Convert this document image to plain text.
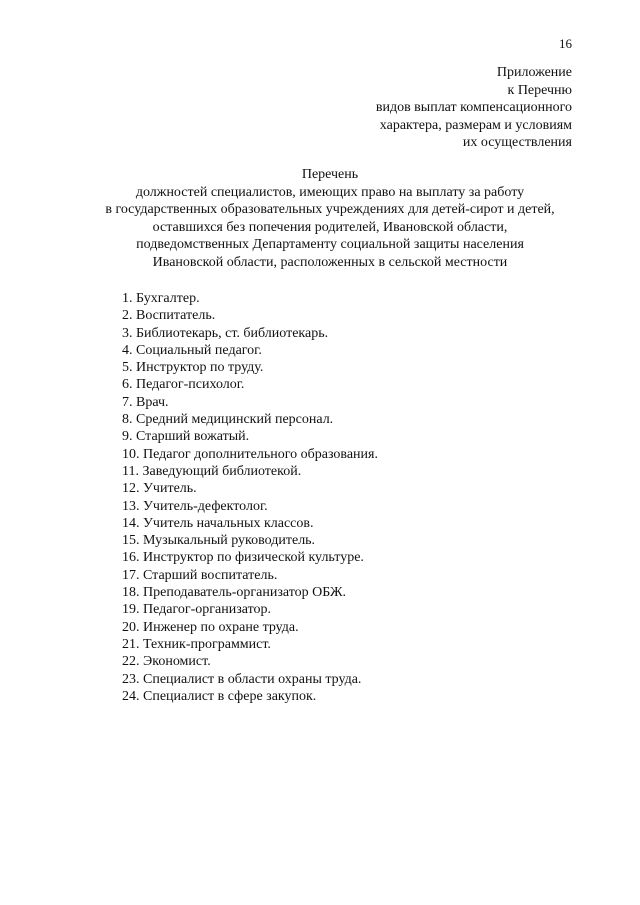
16
Приложение
к Перечню
видов выплат компенсационного
характера, размерам и условиям
их осуществления
Перечень
должностей специалистов, имеющих право на выплату за работу
в государственных образовательных учреждениях для детей-сирот и детей,
оставшихся без попечения родителей, Ивановской области,
подведомственных Департаменту социальной защиты населения
Ивановской области, расположенных в сельской местности
1. Бухгалтер.
2. Воспитатель.
3. Библиотекарь, ст. библиотекарь.
4. Социальный педагог.
5. Инструктор по труду.
6. Педагог-психолог.
7. Врач.
8. Средний медицинский персонал.
9. Старший вожатый.
10. Педагог дополнительного образования.
11. Заведующий библиотекой.
12. Учитель.
13. Учитель-дефектолог.
14. Учитель начальных классов.
15. Музыкальный руководитель.
16. Инструктор по физической культуре.
17. Старший воспитатель.
18. Преподаватель-организатор ОБЖ.
19. Педагог-организатор.
20. Инженер по охране труда.
21. Техник-программист.
22. Экономист.
23. Специалист в области охраны труда.
24. Специалист в сфере закупок.
